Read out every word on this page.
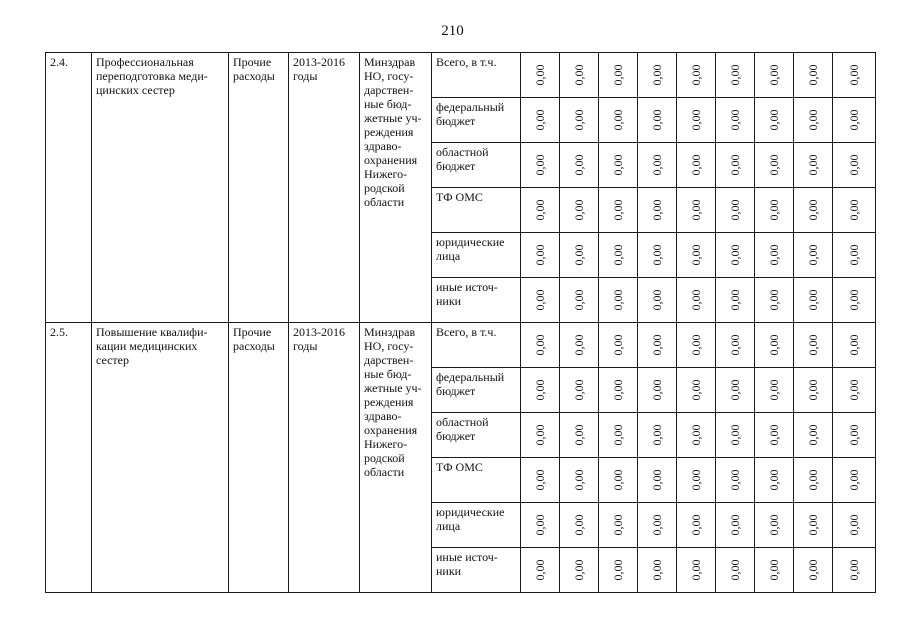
210
2.4.	Профессиональная переподготовка меди-цинских сестер	Прочие расходы	2013-2016 годы	Минздрав НО, госу-дарствен-ные бюд-жетные уч-реждения здраво-охранения Нижего-родской области	Всего, в т.ч.	0,00	0,00	0,00	0,00	0,00	0,00	0,00	0,00	0,00

					федеральный бюджет	0,00	0,00	0,00	0,00	0,00	0,00	0,00	0,00	0,00

					областной бюджет	0,00	0,00	0,00	0,00	0,00	0,00	0,00	0,00	0,00

					ТФ ОМС	0,00	0,00	0,00	0,00	0,00	0,00	0,00	0,00	0,00

					юридические лица	0,00	0,00	0,00	0,00	0,00	0,00	0,00	0,00	0,00

					иные источ-ники	0,00	0,00	0,00	0,00	0,00	0,00	0,00	0,00	0,00

2.5.	Повышение квалифи-кации медицинских сестер	Прочие расходы	2013-2016 годы	Минздрав НО, госу-дарствен-ные бюд-жетные уч-реждения здраво-охранения Нижего-родской области	Всего, в т.ч.	0,00	0,00	0,00	0,00	0,00	0,00	0,00	0,00	0,00

					федеральный бюджет	0,00	0,00	0,00	0,00	0,00	0,00	0,00	0,00	0,00

					областной бюджет	0,00	0,00	0,00	0,00	0,00	0,00	0,00	0,00	0,00

					ТФ ОМС	0,00	0,00	0,00	0,00	0,00	0,00	0,00	0,00	0,00

					юридические лица	0,00	0,00	0,00	0,00	0,00	0,00	0,00	0,00	0,00

					иные источ-ники	0,00	0,00	0,00	0,00	0,00	0,00	0,00	0,00	0,00
